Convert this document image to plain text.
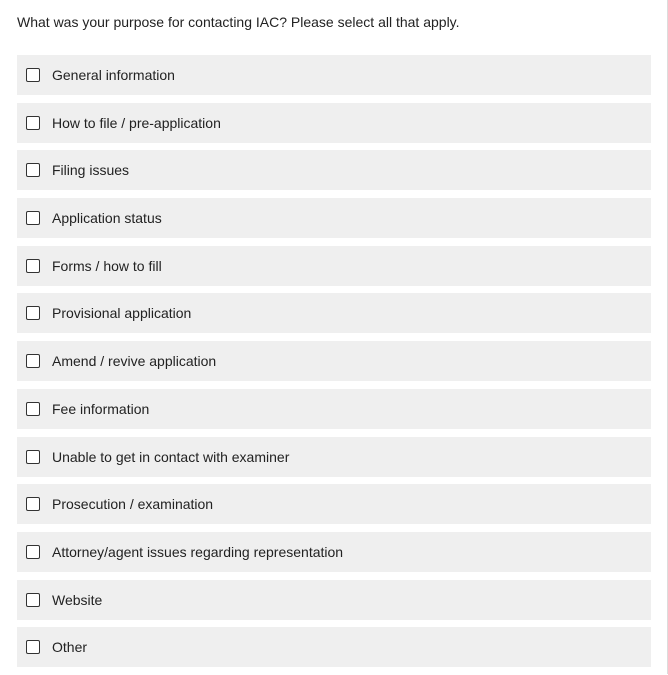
What was your purpose for contacting IAC? Please select all that apply.

General information
How to file / pre-application
Filing issues
Application status
Forms / how to fill
Provisional application
Amend / revive application
Fee information
Unable to get in contact with examiner
Prosecution / examination
Attorney/agent issues regarding representation
Website
Other
